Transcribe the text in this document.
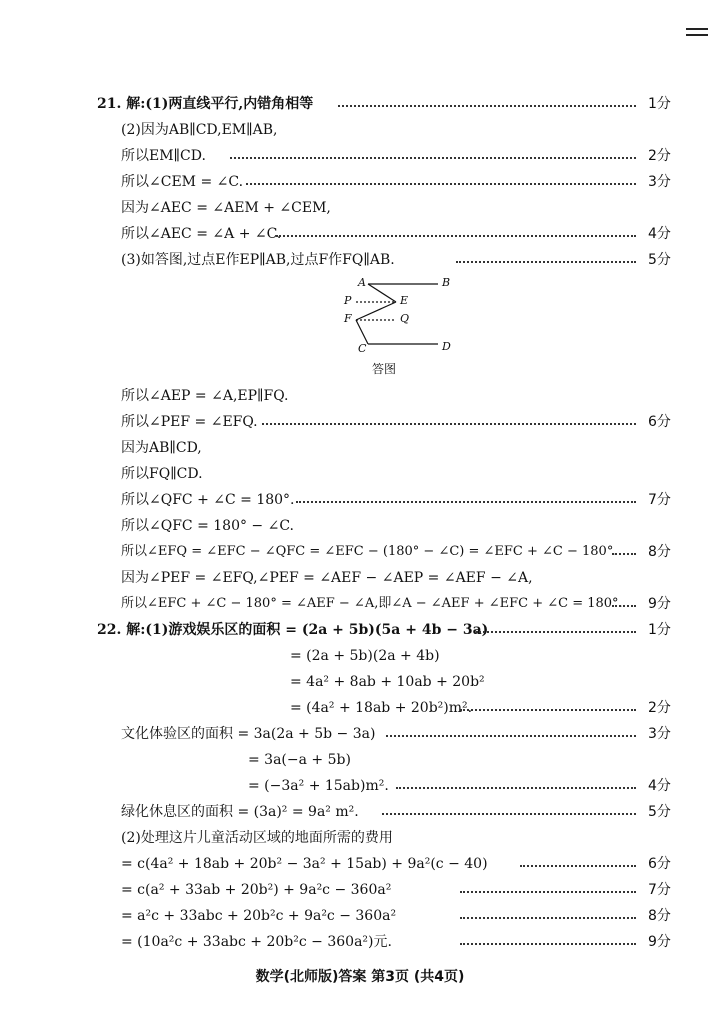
21. 解:(1)两直线平行,内错角相等	1分
(2)因为AB∥CD,EM∥AB,
所以EM∥CD.	2分
所以∠CEM = ∠C.	3分
因为∠AEC = ∠AEM + ∠CEM,
所以∠AEC = ∠A + ∠C.	4分
(3)如答图,过点E作EP∥AB,过点F作FQ∥AB.	5分
A	B
P	E
F	Q
C	D
答图
所以∠AEP = ∠A,EP∥FQ.
所以∠PEF = ∠EFQ.	6分
因为AB∥CD,
所以FQ∥CD.
所以∠QFC + ∠C = 180°.	7分
所以∠QFC = 180° − ∠C.
所以∠EFQ = ∠EFC − ∠QFC = ∠EFC − (180° − ∠C) = ∠EFC + ∠C − 180°. 8分
因为∠PEF = ∠EFQ,∠PEF = ∠AEF − ∠AEP = ∠AEF − ∠A,
所以∠EFC + ∠C − 180° = ∠AEF − ∠A,即∠A − ∠AEF + ∠EFC + ∠C = 180°. 9分
22. 解:(1)游戏娱乐区的面积 = (2a + 5b)(5a + 4b − 3a)	1分
= (2a + 5b)(2a + 4b)
= 4a² + 8ab + 10ab + 20b²
= (4a² + 18ab + 20b²)m².	2分
文化体验区的面积 = 3a(2a + 5b − 3a)	3分
= 3a(−a + 5b)
= (−3a² + 15ab)m².	4分
绿化休息区的面积 = (3a)² = 9a² m².	5分
(2)处理这片儿童活动区域的地面所需的费用
= c(4a² + 18ab + 20b² − 3a² + 15ab) + 9a²(c − 40)	6分
= c(a² + 33ab + 20b²) + 9a²c − 360a²	7分
= a²c + 33abc + 20b²c + 9a²c − 360a²	8分
= (10a²c + 33abc + 20b²c − 360a²)元.	9分
数学(北师版)答案 第3页 (共4页)
